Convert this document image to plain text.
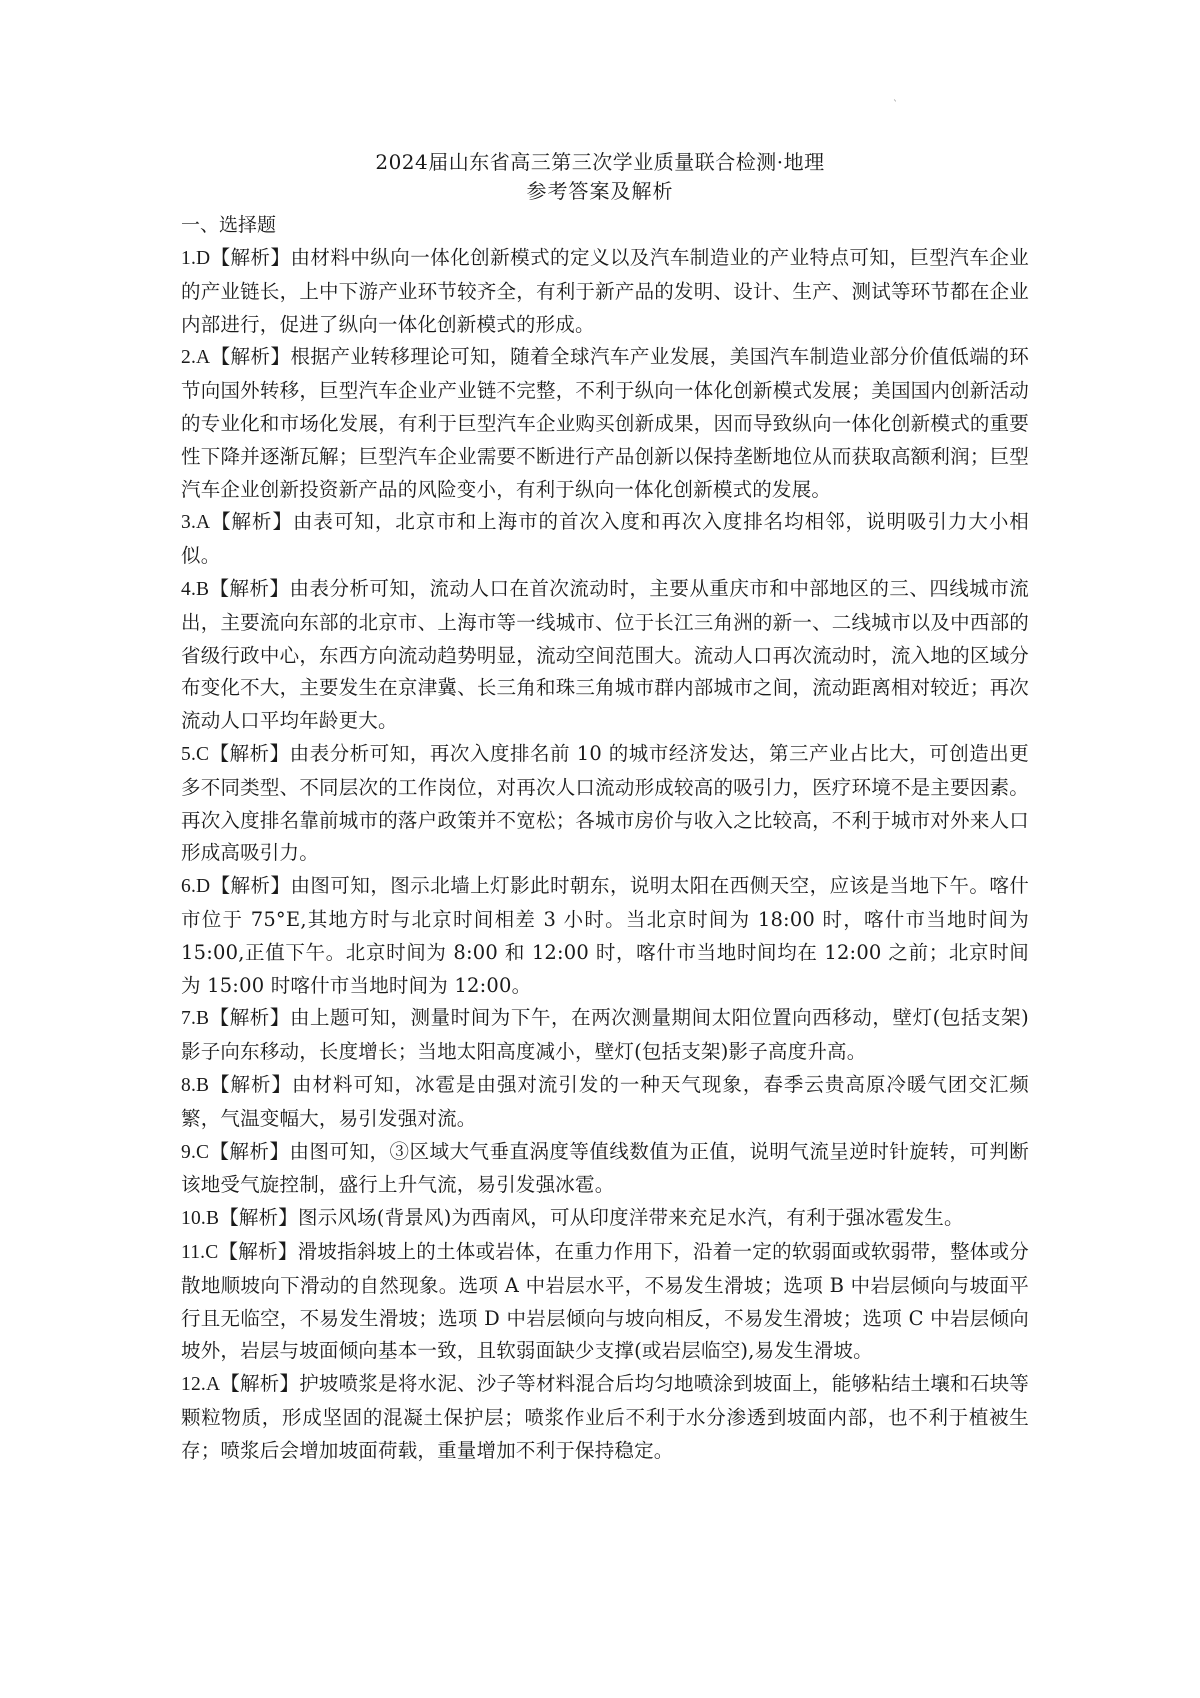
`
2024届山东省高三第三次学业质量联合检测·地理
参考答案及解析
一、选择题

1.D【解析】由材料中纵向一体化创新模式的定义以及汽车制造业的产业特点可知，巨型汽车企业的产业链长，上中下游产业环节较齐全，有利于新产品的发明、设计、生产、测试等环节都在企业内部进行，促进了纵向一体化创新模式的形成。

2.A【解析】根据产业转移理论可知，随着全球汽车产业发展，美国汽车制造业部分价值低端的环节向国外转移，巨型汽车企业产业链不完整，不利于纵向一体化创新模式发展；美国国内创新活动的专业化和市场化发展，有利于巨型汽车企业购买创新成果，因而导致纵向一体化创新模式的重要性下降并逐渐瓦解；巨型汽车企业需要不断进行产品创新以保持垄断地位从而获取高额利润；巨型汽车企业创新投资新产品的风险变小，有利于纵向一体化创新模式的发展。

3.A【解析】由表可知，北京市和上海市的首次入度和再次入度排名均相邻，说明吸引力大小相似。

4.B【解析】由表分析可知，流动人口在首次流动时，主要从重庆市和中部地区的三、四线城市流出，主要流向东部的北京市、上海市等一线城市、位于长江三角洲的新一、二线城市以及中西部的省级行政中心，东西方向流动趋势明显，流动空间范围大。流动人口再次流动时，流入地的区域分布变化不大，主要发生在京津冀、长三角和珠三角城市群内部城市之间，流动距离相对较近；再次流动人口平均年龄更大。

5.C【解析】由表分析可知，再次入度排名前 10 的城市经济发达，第三产业占比大，可创造出更多不同类型、不同层次的工作岗位，对再次人口流动形成较高的吸引力，医疗环境不是主要因素。再次入度排名靠前城市的落户政策并不宽松；各城市房价与收入之比较高，不利于城市对外来人口形成高吸引力。

6.D【解析】由图可知，图示北墙上灯影此时朝东，说明太阳在西侧天空，应该是当地下午。喀什市位于 75°E,其地方时与北京时间相差 3 小时。当北京时间为 18:00 时，喀什市当地时间为 15:00,正值下午。北京时间为 8:00 和 12:00 时，喀什市当地时间均在 12:00 之前；北京时间为 15:00 时喀什市当地时间为 12:00。

7.B【解析】由上题可知，测量时间为下午，在两次测量期间太阳位置向西移动，壁灯(包括支架)影子向东移动，长度增长；当地太阳高度减小，壁灯(包括支架)影子高度升高。

8.B【解析】由材料可知，冰雹是由强对流引发的一种天气现象，春季云贵高原冷暖气团交汇频繁，气温变幅大，易引发强对流。

9.C【解析】由图可知，③区域大气垂直涡度等值线数值为正值，说明气流呈逆时针旋转，可判断该地受气旋控制，盛行上升气流，易引发强冰雹。

10.B【解析】图示风场(背景风)为西南风，可从印度洋带来充足水汽，有利于强冰雹发生。

11.C【解析】滑坡指斜坡上的土体或岩体，在重力作用下，沿着一定的软弱面或软弱带，整体或分散地顺坡向下滑动的自然现象。选项 A 中岩层水平，不易发生滑坡；选项 B 中岩层倾向与坡面平行且无临空，不易发生滑坡；选项 D 中岩层倾向与坡向相反，不易发生滑坡；选项 C 中岩层倾向坡外，岩层与坡面倾向基本一致，且软弱面缺少支撑(或岩层临空),易发生滑坡。

12.A【解析】护坡喷浆是将水泥、沙子等材料混合后均匀地喷涂到坡面上，能够粘结土壤和石块等颗粒物质，形成坚固的混凝土保护层；喷浆作业后不利于水分渗透到坡面内部，也不利于植被生存；喷浆后会增加坡面荷载，重量增加不利于保持稳定。
